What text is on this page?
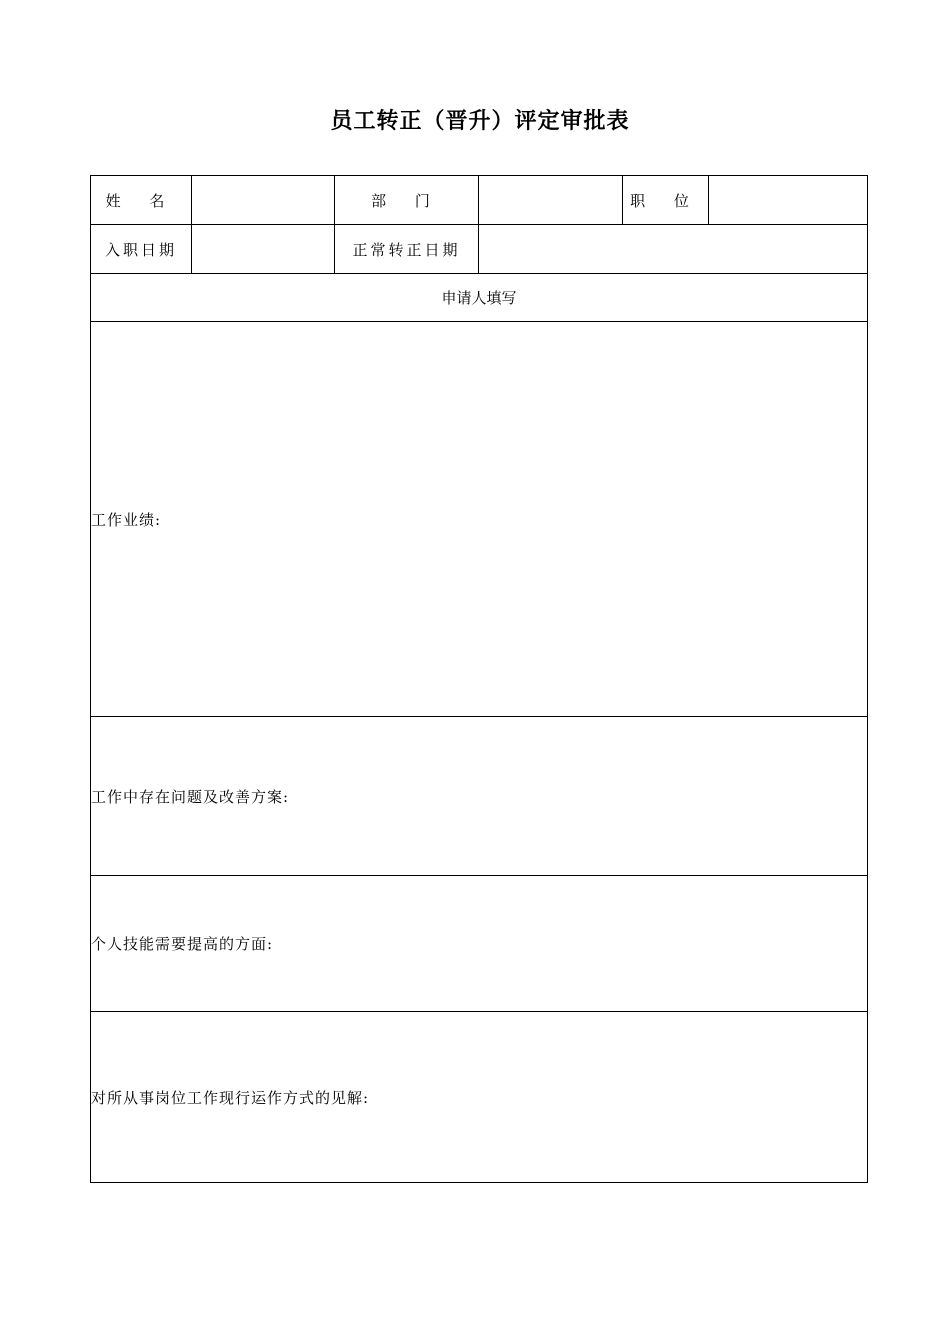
员工转正（晋升）评定审批表
姓 名		部 门		职 位	
入职日期		正常转正日期			
申请人填写					
工作业绩:					
工作中存在问题及改善方案:					
个人技能需要提高的方面:					
对所从事岗位工作现行运作方式的见解:					
